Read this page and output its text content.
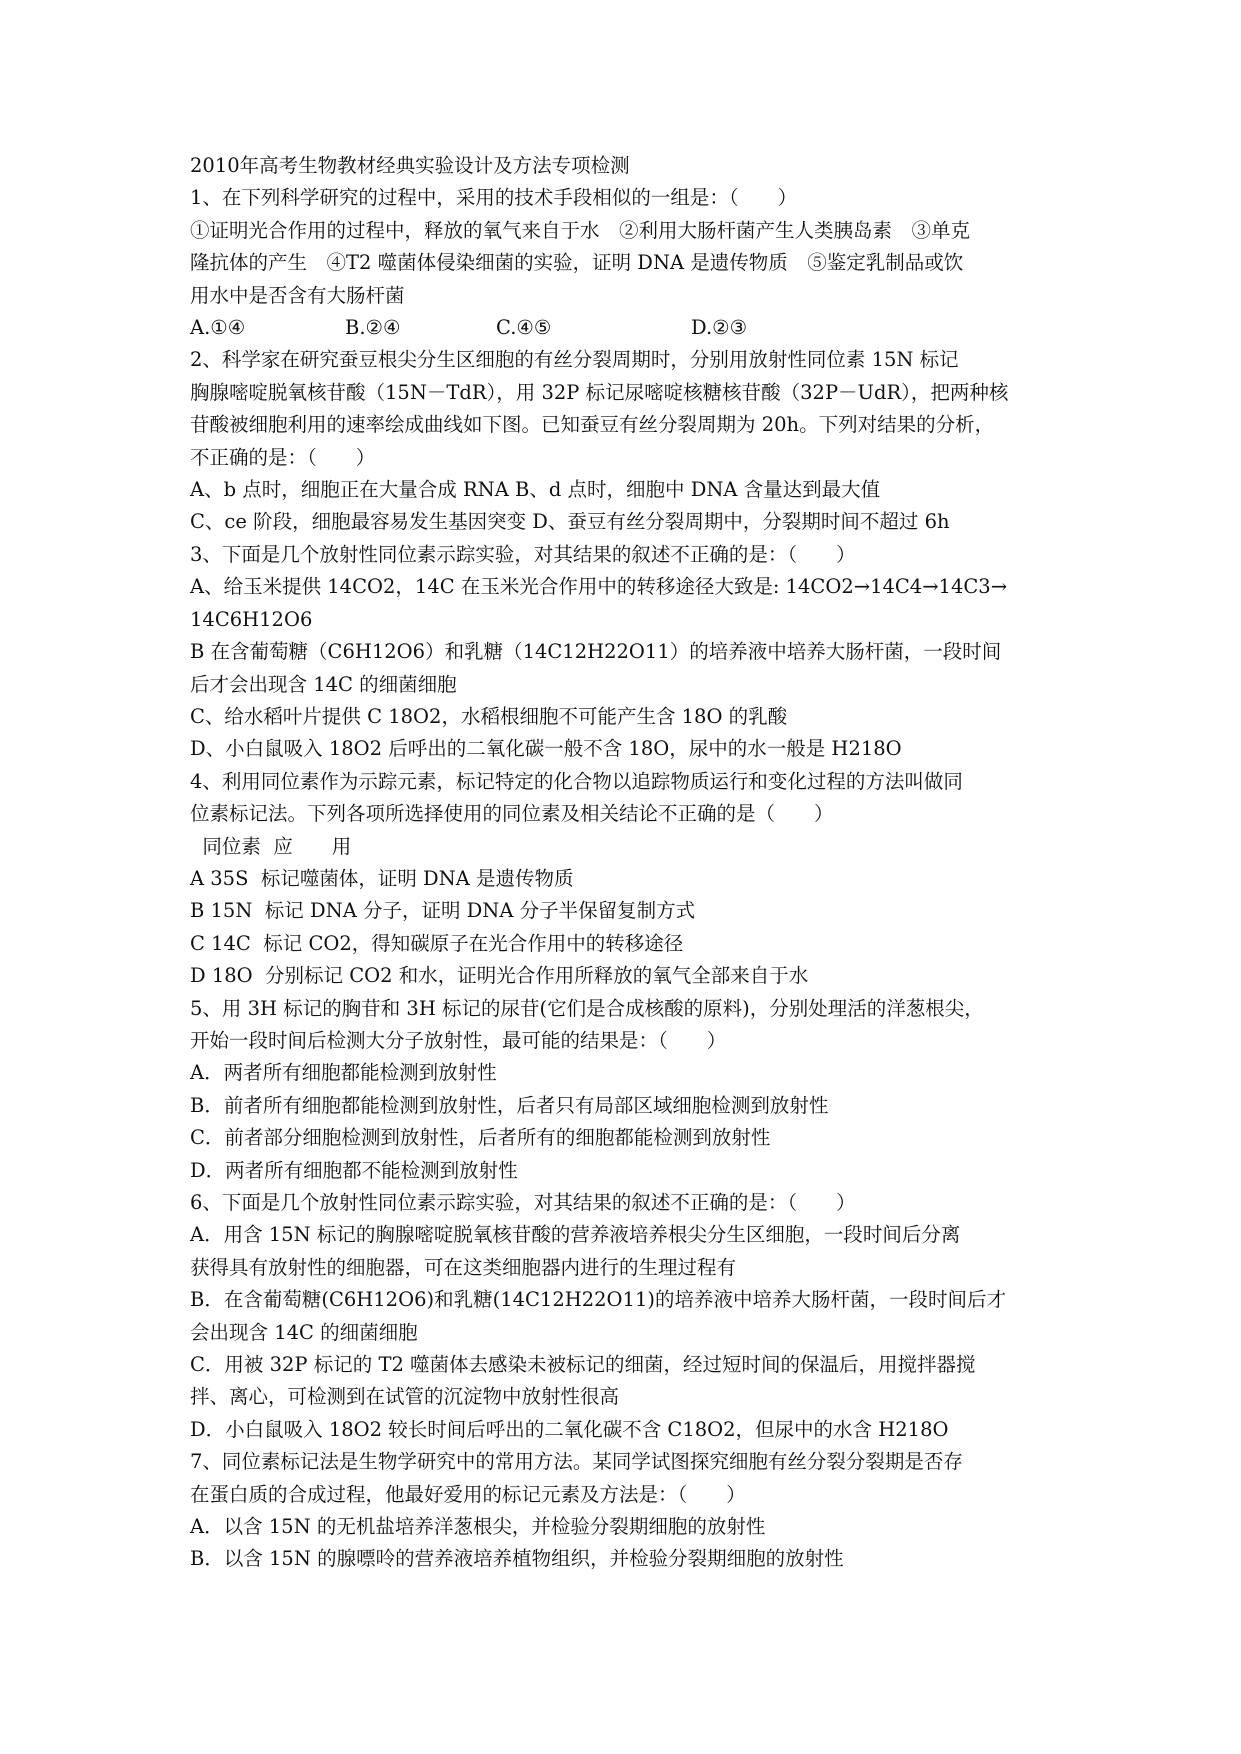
2010年高考生物教材经典实验设计及方法专项检测
1、在下列科学研究的过程中，采用的技术手段相似的一组是：（　　）
①证明光合作用的过程中，释放的氧气来自于水　②利用大肠杆菌产生人类胰岛素　③单克
隆抗体的产生　④T2 噬菌体侵染细菌的实验，证明 DNA 是遗传物质　⑤鉴定乳制品或饮
用水中是否含有大肠杆菌
A.①④	B.②④	C.④⑤	D.②③
2、科学家在研究蚕豆根尖分生区细胞的有丝分裂周期时，分别用放射性同位素 15N 标记
胸腺嘧啶脱氧核苷酸（15N－TdR），用 32P 标记尿嘧啶核糖核苷酸（32P－UdR），把两种核
苷酸被细胞利用的速率绘成曲线如下图。已知蚕豆有丝分裂周期为 20h。下列对结果的分析，
不正确的是：（　　）
A、b 点时，细胞正在大量合成 RNA B、d 点时，细胞中 DNA 含量达到最大值
C、ce 阶段，细胞最容易发生基因突变 D、蚕豆有丝分裂周期中，分裂期时间不超过 6h
3、下面是几个放射性同位素示踪实验，对其结果的叙述不正确的是：（　　）
A、给玉米提供 14CO2，14C 在玉米光合作用中的转移途径大致是: 14CO2→14C4→14C3→
14C6H12O6
B 在含葡萄糖（C6H12O6）和乳糖（14C12H22O11）的培养液中培养大肠杆菌，一段时间
后才会出现含 14C 的细菌细胞
C、给水稻叶片提供 C 18O2，水稻根细胞不可能产生含 18O 的乳酸
D、小白鼠吸入 18O2 后呼出的二氧化碳一般不含 18O，尿中的水一般是 H218O
4、利用同位素作为示踪元素，标记特定的化合物以追踪物质运行和变化过程的方法叫做同
位素标记法。下列各项所选择使用的同位素及相关结论不正确的是（　　）
同位素  应　　用
A 35S  标记噬菌体，证明 DNA 是遗传物质
B 15N  标记 DNA 分子，证明 DNA 分子半保留复制方式
C 14C  标记 CO2，得知碳原子在光合作用中的转移途径
D 18O  分别标记 CO2 和水，证明光合作用所释放的氧气全部来自于水
5、用 3H 标记的胸苷和 3H 标记的尿苷(它们是合成核酸的原料)，分别处理活的洋葱根尖，
开始一段时间后检测大分子放射性，最可能的结果是：（　　）
A．两者所有细胞都能检测到放射性
B．前者所有细胞都能检测到放射性，后者只有局部区域细胞检测到放射性
C．前者部分细胞检测到放射性，后者所有的细胞都能检测到放射性
D．两者所有细胞都不能检测到放射性
6、下面是几个放射性同位素示踪实验，对其结果的叙述不正确的是：（　　）
A．用含 15N 标记的胸腺嘧啶脱氧核苷酸的营养液培养根尖分生区细胞，一段时间后分离
获得具有放射性的细胞器，可在这类细胞器内进行的生理过程有
B．在含葡萄糖(C6H12O6)和乳糖(14C12H22O11)的培养液中培养大肠杆菌，一段时间后才
会出现含 14C 的细菌细胞
C．用被 32P 标记的 T2 噬菌体去感染未被标记的细菌，经过短时间的保温后，用搅拌器搅
拌、离心，可检测到在试管的沉淀物中放射性很高
D．小白鼠吸入 18O2 较长时间后呼出的二氧化碳不含 C18O2，但尿中的水含 H218O
7、同位素标记法是生物学研究中的常用方法。某同学试图探究细胞有丝分裂分裂期是否存
在蛋白质的合成过程，他最好爱用的标记元素及方法是：（　　）
A．以含 15N 的无机盐培养洋葱根尖，并检验分裂期细胞的放射性
B．以含 15N 的腺嘌呤的营养液培养植物组织，并检验分裂期细胞的放射性
